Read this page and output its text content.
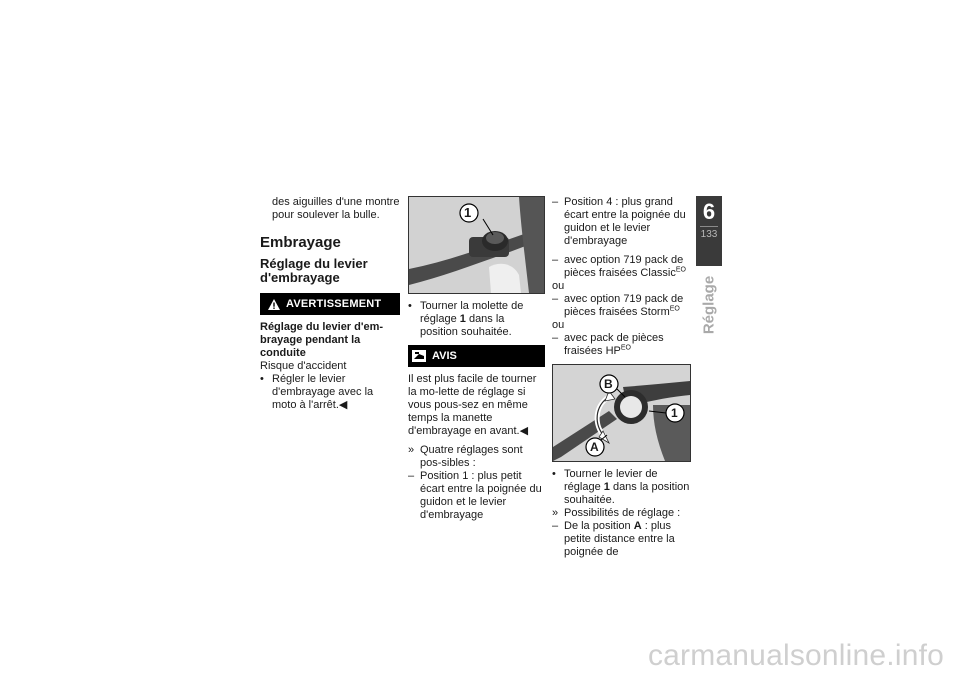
des aiguilles d'une montre pour soulever la bulle.

Embrayage
Réglage du levier d'embrayage
AVERTISSEMENT

Réglage du levier d'em-brayage pendant la conduite

Risque d'accident

• Régler le levier d'embrayage avec la moto à l'arrêt.◀
1
• Tourner la molette de réglage 1 dans la position souhaitée.
AVIS

Il est plus facile de tourner la mo-lette de réglage si vous pous-sez en même temps la manette d'embrayage en avant.◀

» Quatre réglages sont pos-sibles :
– Position 1 : plus petit écart entre la poignée du guidon et le levier d'embrayage
– Position 4 : plus grand écart entre la poignée du guidon et le levier d'embrayage
– avec option 719 pack de pièces fraisées Classic$^{EO}$

ou

– avec option 719 pack de pièces fraisées Storm$^{EO}$

ou

– avec pack de pièces fraisées $HP^{EO}$
B
1
A
• Tourner le levier de réglage 1 dans la position souhaitée.
» Possibilités de réglage :
– De la position A : plus petite distance entre la poignée de
6
133
Réglage
carmanualsonline.info
